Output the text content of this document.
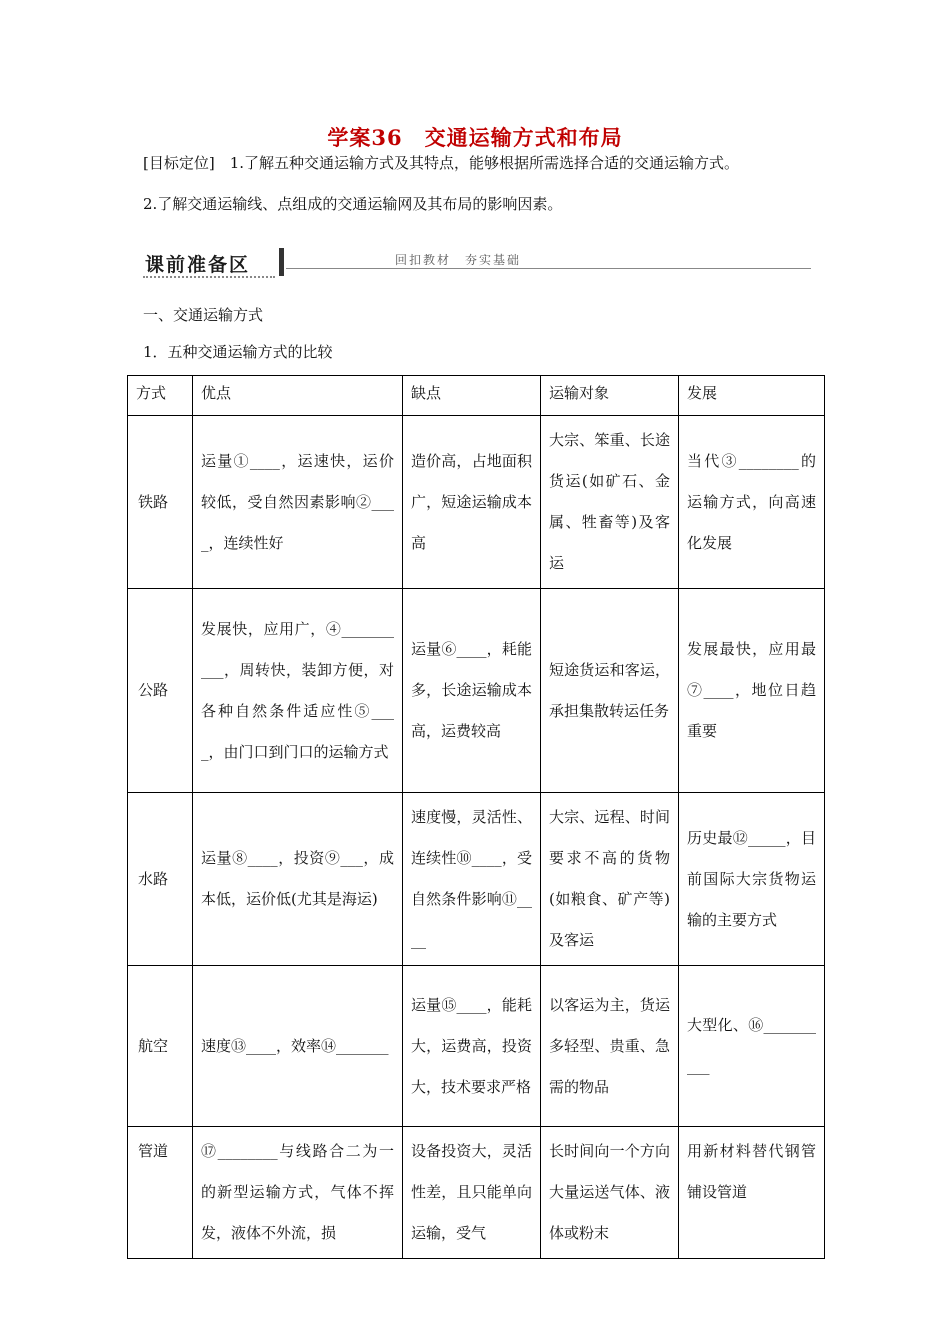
学案36　交通运输方式和布局
[目标定位]　1.了解五种交通运输方式及其特点，能够根据所需选择合适的交通运输方式。
2.了解交通运输线、点组成的交通运输网及其布局的影响因素。
课前准备区	回扣教材　夯实基础
一、交通运输方式
1．五种交通运输方式的比较
方式	优点	缺点	运输对象	发展
铁路	运量①____，运速快，运价较低，受自然因素影响②____，连续性好	造价高，占地面积广，短途运输成本高	大宗、笨重、长途货运(如矿石、金属、牲畜等)及客运	当代③________的运输方式，向高速化发展
公路	发展快，应用广，④__________，周转快，装卸方便，对各种自然条件适应性⑤____，由门口到门口的运输方式	运量⑥____，耗能多，长途运输成本高，运费较高	短途货运和客运，承担集散转运任务	发展最快，应用最⑦____，地位日趋重要
水路	运量⑧____，投资⑨___，成本低，运价低(尤其是海运)	速度慢，灵活性、连续性⑩____，受自然条件影响⑪____	大宗、远程、时间要求不高的货物(如粮食、矿产等)及客运	历史最⑫_____，目前国际大宗货物运输的主要方式
航空	速度⑬____，效率⑭_______	运量⑮____，能耗大，运费高，投资大，技术要求严格	以客运为主，货运多轻型、贵重、急需的物品	大型化、⑯__________
管道	⑰________与线路合二为一的新型运输方式，气体不挥发，液体不外流，损	设备投资大，灵活性差，且只能单向运输，受气	长时间向一个方向大量运送气体、液体或粉末	用新材料替代钢管铺设管道
